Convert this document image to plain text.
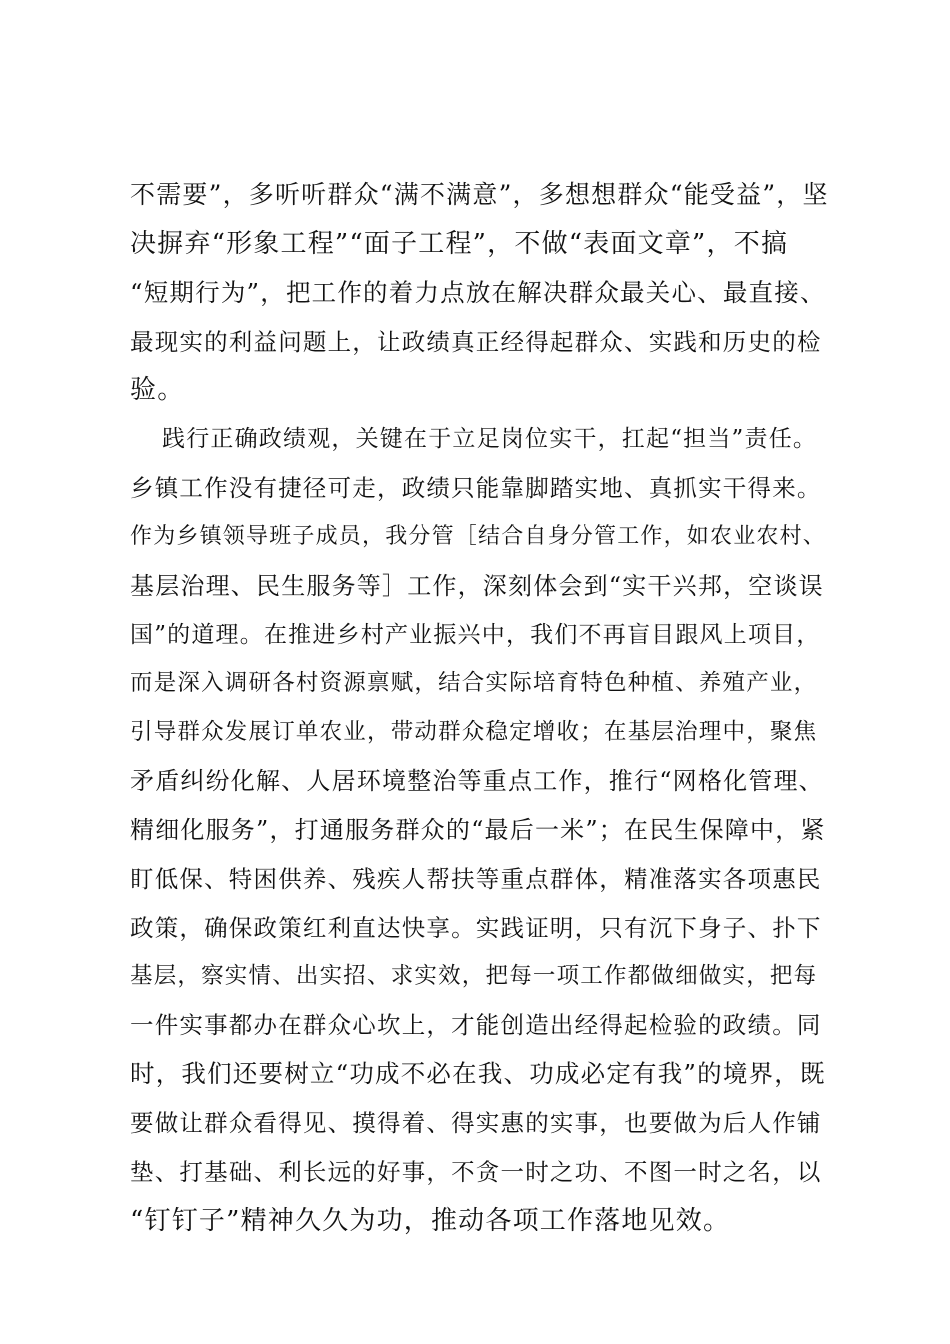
不需要”，多听听群众“满不满意”，多想想群众“能受益”，坚
决摒弃“形象工程”“面子工程”，不做“表面文章”，不搞
“短期行为”，把工作的着力点放在解决群众最关心、最直接、
最现实的利益问题上，让政绩真正经得起群众、实践和历史的检
验。
践行正确政绩观，关键在于立足岗位实干，扛起“担当”责任。
乡镇工作没有捷径可走，政绩只能靠脚踏实地、真抓实干得来。
作为乡镇领导班子成员，我分管［结合自身分管工作，如农业农村、
基层治理、民生服务等］工作，深刻体会到“实干兴邦，空谈误
国”的道理。在推进乡村产业振兴中，我们不再盲目跟风上项目，
而是深入调研各村资源禀赋，结合实际培育特色种植、养殖产业，
引导群众发展订单农业，带动群众稳定增收；在基层治理中，聚焦
矛盾纠纷化解、人居环境整治等重点工作，推行“网格化管理、
精细化服务”，打通服务群众的“最后一米”；在民生保障中，紧
盯低保、特困供养、残疾人帮扶等重点群体，精准落实各项惠民
政策，确保政策红利直达快享。实践证明，只有沉下身子、扑下
基层，察实情、出实招、求实效，把每一项工作都做细做实，把每
一件实事都办在群众心坎上，才能创造出经得起检验的政绩。同
时，我们还要树立“功成不必在我、功成必定有我”的境界，既
要做让群众看得见、摸得着、得实惠的实事，也要做为后人作铺
垫、打基础、利长远的好事，不贪一时之功、不图一时之名，以
“钉钉子”精神久久为功，推动各项工作落地见效。
